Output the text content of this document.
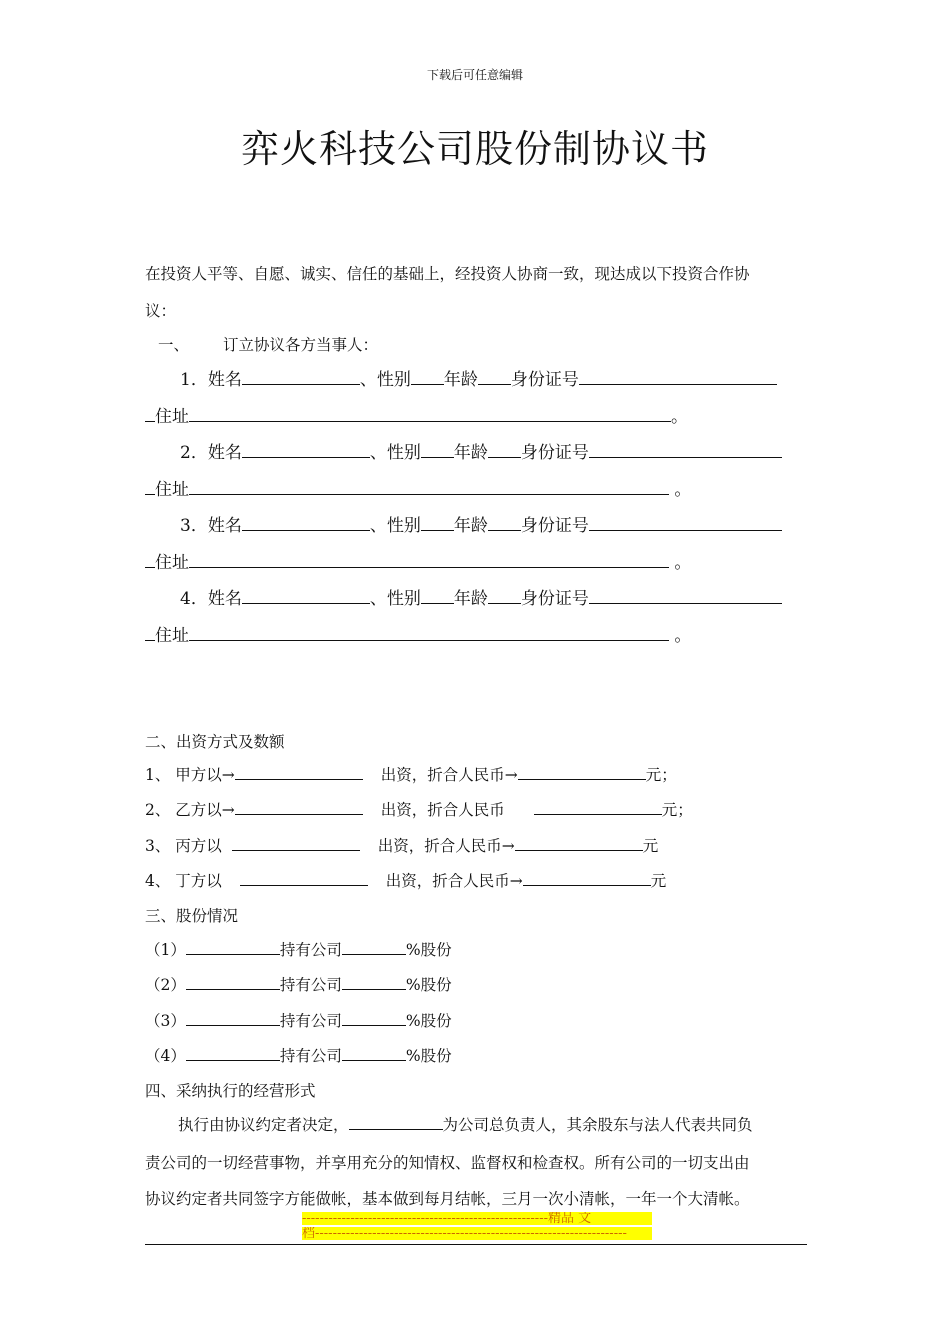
下载后可任意编辑
弈火科技公司股份制协议书
在投资人平等、自愿、诚实、信任的基础上，经投资人协商一致，现达成以下投资合作协
议：
一、 订立协议各方当事人：
1．姓名	、性别 年龄 身份证号
住址	。
2．姓名	、性别 年龄 身份证号
住址	。
3．姓名	、性别 年龄 身份证号
住址	。
4．姓名	、性别 年龄 身份证号
住址	。
二、出资方式及数额
1、 甲方以→	出资，折合人民币→	元；
2、 乙方以→	出资，折合人民币	元；
3、 丙方以	出资，折合人民币→	元
4、 丁方以	出资，折合人民币→	元
三、股份情况
（1）	持有公司	%股份
（2）	持有公司	%股份
（3）	持有公司	%股份
（4）	持有公司	%股份
四、采纳执行的经营形式
执行由协议约定者决定，	为公司总负责人，其余股东与法人代表共同负
责公司的一切经营事物，并享用充分的知情权、监督权和检查权。所有公司的一切支出由
协议约定者共同签字方能做帐，基本做到每月结帐，三月一次小清帐，一年一个大清帐。
--------------------------------------------------------精品 文
档-----------------------------------------------------------------------
